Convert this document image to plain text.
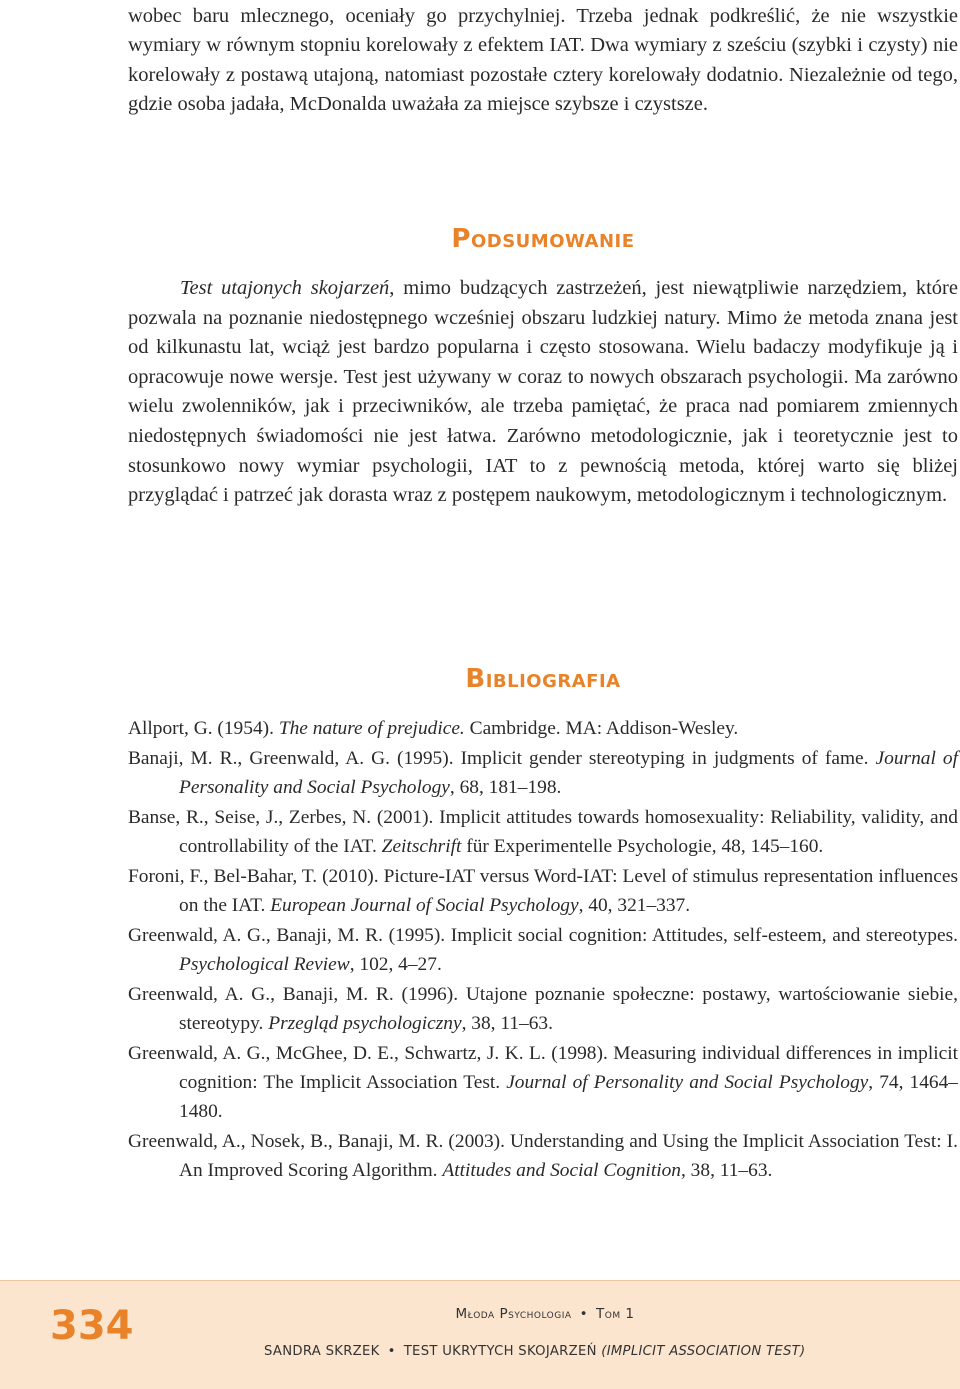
wobec baru mlecznego, oceniały go przychylniej. Trzeba jednak podkreślić, że nie wszystkie wymiary w równym stopniu korelowały z efektem IAT. Dwa wymiary z sześciu (szybki i czysty) nie korelowały z postawą utajoną, natomiast pozostałe cztery korelowały dodatnio. Niezależnie od tego, gdzie osoba jadała, McDonalda uważała za miejsce szybsze i czystsze.

Podsumowanie

Test utajonych skojarzeń, mimo budzących zastrzeżeń, jest niewątpliwie narzędziem, które pozwala na poznanie niedostępnego wcześniej obszaru ludzkiej natury. Mimo że metoda znana jest od kilkunastu lat, wciąż jest bardzo popularna i często stosowana. Wielu badaczy modyfikuje ją i opracowuje nowe wersje. Test jest używany w coraz to nowych obszarach psychologii. Ma zarówno wielu zwolenników, jak i przeciwników, ale trzeba pamiętać, że praca nad pomiarem zmiennych niedostępnych świadomości nie jest łatwa. Zarówno metodologicznie, jak i teoretycznie jest to stosunkowo nowy wymiar psychologii, IAT to z pewnością metoda, której warto się bliżej przyglądać i patrzeć jak dorasta wraz z postępem naukowym, metodologicznym i technologicznym.

Bibliografia
Allport, G. (1954). The nature of prejudice. Cambridge. MA: Addison-Wesley.
Banaji, M. R., Greenwald, A. G. (1995). Implicit gender stereotyping in judgments of fame. Journal of Personality and Social Psychology, 68, 181–198.
Banse, R., Seise, J., Zerbes, N. (2001). Implicit attitudes towards homosexuality: Reliability, validity, and controllability of the IAT. Zeitschrift für Experimentelle Psychologie, 48, 145–160.
Foroni, F., Bel-Bahar, T. (2010). Picture-IAT versus Word-IAT: Level of stimulus representation influences on the IAT. European Journal of Social Psychology, 40, 321–337.
Greenwald, A. G., Banaji, M. R. (1995). Implicit social cognition: Attitudes, self-esteem, and stereotypes. Psychological Review, 102, 4–27.
Greenwald, A. G., Banaji, M. R. (1996). Utajone poznanie społeczne: postawy, wartościowanie siebie, stereotypy. Przegląd psychologiczny, 38, 11–63.
Greenwald, A. G., McGhee, D. E., Schwartz, J. K. L. (1998). Measuring individual differences in implicit cognition: The Implicit Association Test. Journal of Personality and Social Psychology, 74, 1464–1480.
Greenwald, A., Nosek, B., Banaji, M. R. (2003). Understanding and Using the Implicit Association Test: I. An Improved Scoring Algorithm. Attitudes and Social Cognition, 38, 11–63.
334	Młoda Psychologia • Tom 1
SANDRA SKRZEK • TEST UKRYTYCH SKOJARZEŃ (IMPLICIT ASSOCIATION TEST)
